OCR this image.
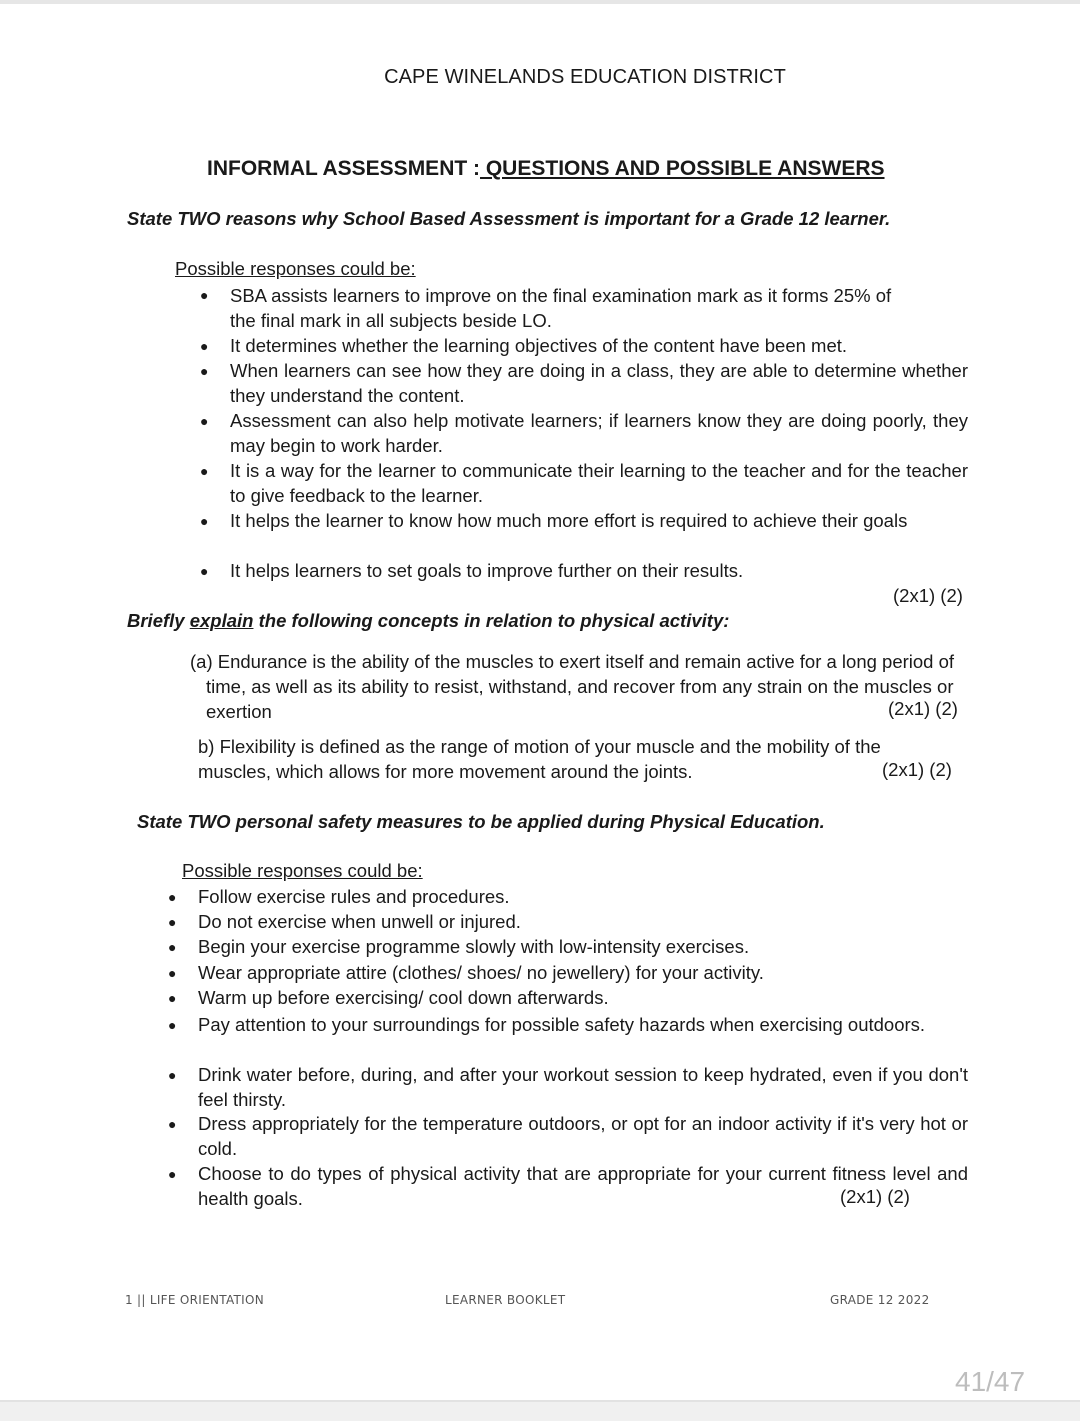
CAPE WINELANDS EDUCATION DISTRICT
INFORMAL ASSESSMENT : QUESTIONS AND POSSIBLE ANSWERS
State TWO reasons why School Based Assessment is important for a Grade 12 learner.
Possible responses could be:
● SBA assists learners to improve on the final examination mark as it forms 25% of the final mark in all subjects beside LO.
● It determines whether the learning objectives of the content have been met.
● When learners can see how they are doing in a class, they are able to determine whether they understand the content.
● Assessment can also help motivate learners; if learners know they are doing poorly, they may begin to work harder.
● It is a way for the learner to communicate their learning to the teacher and for the teacher to give feedback to the learner.
● It helps the learner to know how much more effort is required to achieve their goals
● It helps learners to set goals to improve further on their results.
(2x1) (2)
Briefly explain the following concepts in relation to physical activity:
(a) Endurance is the ability of the muscles to exert itself and remain active for a long period of time, as well as its ability to resist, withstand, and recover from any strain on the muscles or exertion	(2x1) (2)
b) Flexibility is defined as the range of motion of your muscle and the mobility of the muscles, which allows for more movement around the joints.	(2x1) (2)
State TWO personal safety measures to be applied during Physical Education.
Possible responses could be:
● Follow exercise rules and procedures.
● Do not exercise when unwell or injured.
● Begin your exercise programme slowly with low-intensity exercises.
● Wear appropriate attire (clothes/ shoes/ no jewellery) for your activity.
● Warm up before exercising/ cool down afterwards.
● Pay attention to your surroundings for possible safety hazards when exercising outdoors.
● Drink water before, during, and after your workout session to keep hydrated, even if you don't feel thirsty.
● Dress appropriately for the temperature outdoors, or opt for an indoor activity if it's very hot or cold.
● Choose to do types of physical activity that are appropriate for your current fitness level and health goals.	(2x1) (2)
1 || LIFE ORIENTATION	LEARNER BOOKLET	GRADE 12 2022
41/47
